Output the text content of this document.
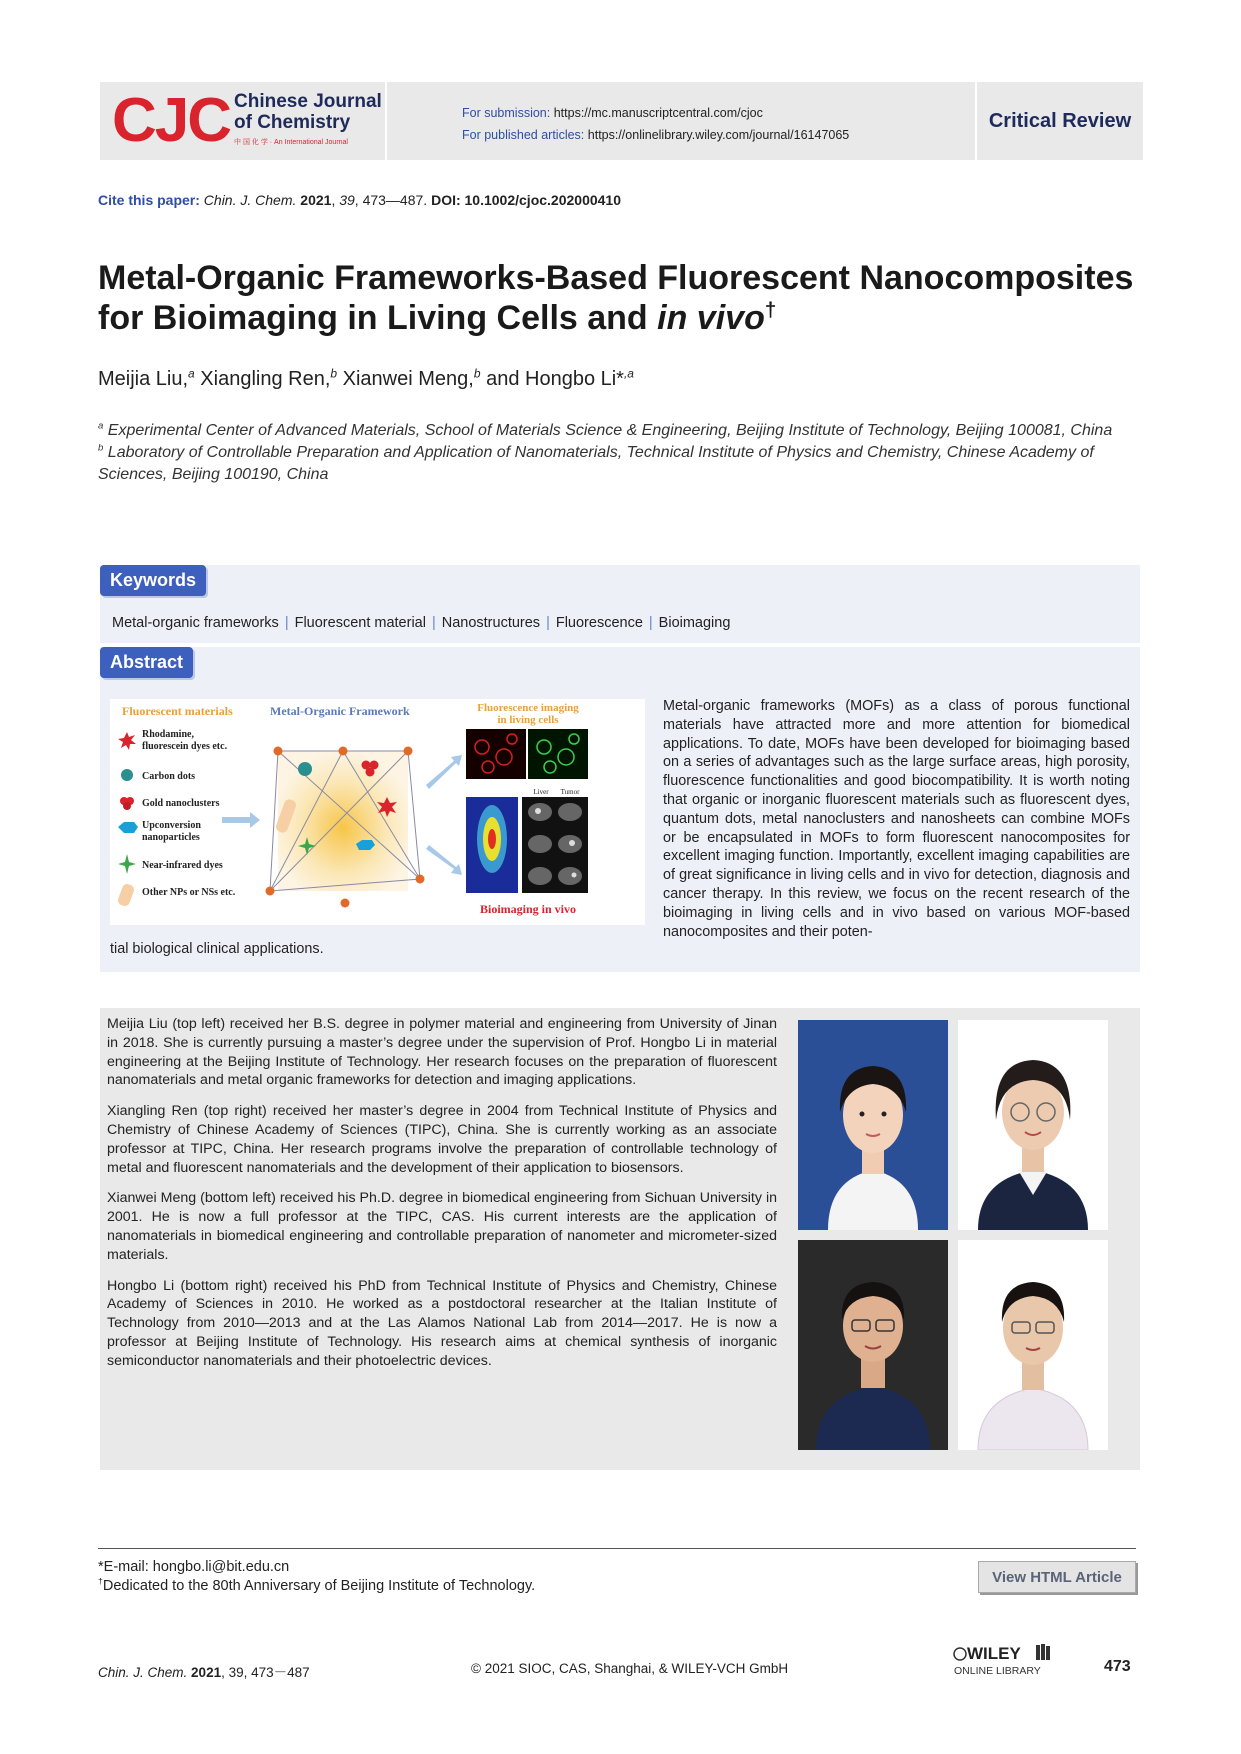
CJC Chinese Journal
of Chemistry
中 国 化 学 · An International Journal
For submission: https://mc.manuscriptcentral.com/cjoc
For published articles: https://onlinelibrary.wiley.com/journal/16147065
Critical Review
Cite this paper: Chin. J. Chem. 2021, 39, 473—487. DOI: 10.1002/cjoc.202000410
Metal-Organic Frameworks-Based Fluorescent Nanocomposites
for Bioimaging in Living Cells and in vivo†
Meijia Liu,$^a$ Xiangling Ren,$^b$ Xianwei Meng,$^b$ and Hongbo Li*$^{,a}$

$^a$ Experimental Center of Advanced Materials, School of Materials Science & Engineering, Beijing Institute of Technology, Beijing 100081, China

$^b$ Laboratory of Controllable Preparation and Application of Nanomaterials, Technical Institute of Physics and Chemistry, Chinese Academy of Sciences, Beijing 100190, China

Keywords
Metal-organic frameworks | Fluorescent material | Nanostructures | Fluorescence | Bioimaging
Abstract
Fluorescent materials
Rhodamine,
fluorescein dyes etc.
Carbon dots
Gold nanoclusters
Upconversion
nanoparticles
Near-infrared dyes
Other NPs or NSs etc.
Metal-Organic Framework	Fluorescence imaging
in living cells
Liver Tumor
Bioimaging in vivo
Metal-organic frameworks (MOFs) as a class of porous functional materials have attracted more and more attention for biomedical applications. To date, MOFs have been developed for bioimaging based on a series of advantages such as the large surface areas, high porosity, fluorescence functionalities and good biocompatibility. It is worth noting that organic or inorganic fluorescent materials such as fluorescent dyes, quantum dots, metal nanoclusters and nanosheets can combine MOFs or be encapsulated in MOFs to form fluorescent nanocomposites for excellent imaging function. Importantly, excellent imaging capabilities are of great significance in living cells and in vivo for detection, diagnosis and cancer therapy. In this review, we focus on the recent research of the bioimaging in living cells and in vivo based on various MOF-based nanocomposites and their poten-
tial biological clinical applications.

Meijia Liu (top left) received her B.S. degree in polymer material and engineering from University of Jinan in 2018. She is currently pursuing a master’s degree under the supervision of Prof. Hongbo Li in material engineering at the Beijing Institute of Technology. Her research focuses on the preparation of fluorescent nanomaterials and metal organic frameworks for detection and imaging applications.

Xiangling Ren (top right) received her master’s degree in 2004 from Technical Institute of Physics and Chemistry of Chinese Academy of Sciences (TIPC), China. She is currently working as an associate professor at TIPC, China. Her research programs involve the preparation of controllable technology of metal and fluorescent nanomaterials and the development of their application to biosensors.

Xianwei Meng (bottom left) received his Ph.D. degree in biomedical engineering from Sichuan University in 2001. He is now a full professor at the TIPC, CAS. His current interests are the application of nanomaterials in biomedical engineering and controllable preparation of nanometer and micrometer-sized materials.

Hongbo Li (bottom right) received his PhD from Technical Institute of Physics and Chemistry, Chinese Academy of Sciences in 2010. He worked as a postdoctoral researcher at the Italian Institute of Technology from 2010—2013 and at the Las Alamos National Lab from 2014—2017. He is now a professor at Beijing Institute of Technology. His research aims at chemical synthesis of inorganic semiconductor nanomaterials and their photoelectric devices.

*E-mail: hongbo.li@bit.edu.cn
†Dedicated to the 80th Anniversary of Beijing Institute of Technology.
View HTML Article
Chin. J. Chem. 2021, 39, 473－487	© 2021 SIOC, CAS, Shanghai, & WILEY-VCH GmbH
WILEY
ONLINE LIBRARY	473
